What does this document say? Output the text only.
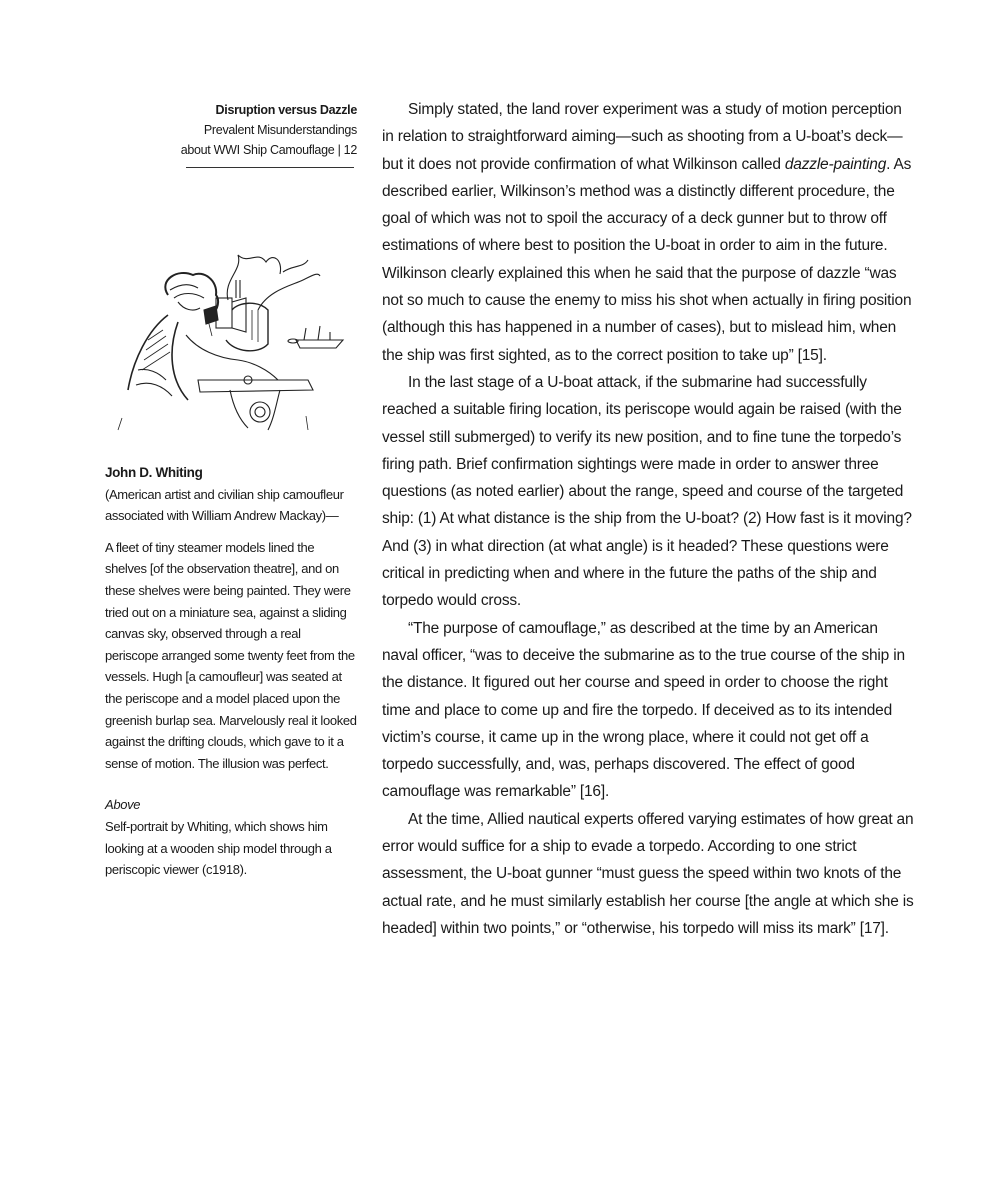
Disruption versus Dazzle
Prevalent Misunderstandings
about WWI Ship Camouflage | 12
John D. Whiting
(American artist and civilian ship camoufleur associated with William Andrew Mackay)—
A fleet of tiny steamer models lined the shelves [of the observation theatre], and on these shelves were being painted. They were tried out on a miniature sea, against a sliding canvas sky, observed through a real periscope arranged some twenty feet from the vessels. Hugh [a camoufleur] was seated at the periscope and a model placed upon the greenish burlap sea. Marvelously real it looked against the drifting clouds, which gave to it a sense of motion. The illusion was perfect.
Above
Self-portrait by Whiting, which shows him looking at a wooden ship model through a periscopic viewer (c1918).

Simply stated, the land rover experiment was a study of motion perception in relation to straightforward aiming—such as shooting from a U-boat’s deck—but it does not provide confirmation of what Wilkinson called dazzle-painting. As described earlier, Wilkinson’s method was a distinctly different procedure, the goal of which was not to spoil the accuracy of a deck gunner but to throw off estimations of where best to position the U-boat in order to aim in the future. Wilkinson clearly explained this when he said that the purpose of dazzle “was not so much to cause the enemy to miss his shot when actually in firing position (although this has happened in a number of cases), but to mislead him, when the ship was first sighted, as to the correct position to take up” [15].

In the last stage of a U-boat attack, if the submarine had successfully reached a suitable firing location, its periscope would again be raised (with the vessel still submerged) to verify its new position, and to fine tune the torpedo’s firing path. Brief confirmation sightings were made in order to answer three questions (as noted earlier) about the range, speed and course of the targeted ship: (1) At what distance is the ship from the U-boat? (2) How fast is it moving? And (3) in what direction (at what angle) is it headed? These questions were critical in predicting when and where in the future the paths of the ship and torpedo would cross.

“The purpose of camouflage,” as described at the time by an American naval officer, “was to deceive the submarine as to the true course of the ship in the distance. It figured out her course and speed in order to choose the right time and place to come up and fire the torpedo. If deceived as to its intended victim’s course, it came up in the wrong place, where it could not get off a torpedo successfully, and, was, perhaps discovered. The effect of good camouflage was remarkable” [16].

At the time, Allied nautical experts offered varying estimates of how great an error would suffice for a ship to evade a torpedo. According to one strict assessment, the U-boat gunner “must guess the speed within two knots of the actual rate, and he must similarly establish her course [the angle at which she is headed] within two points,” or “otherwise, his torpedo will miss its mark” [17].
